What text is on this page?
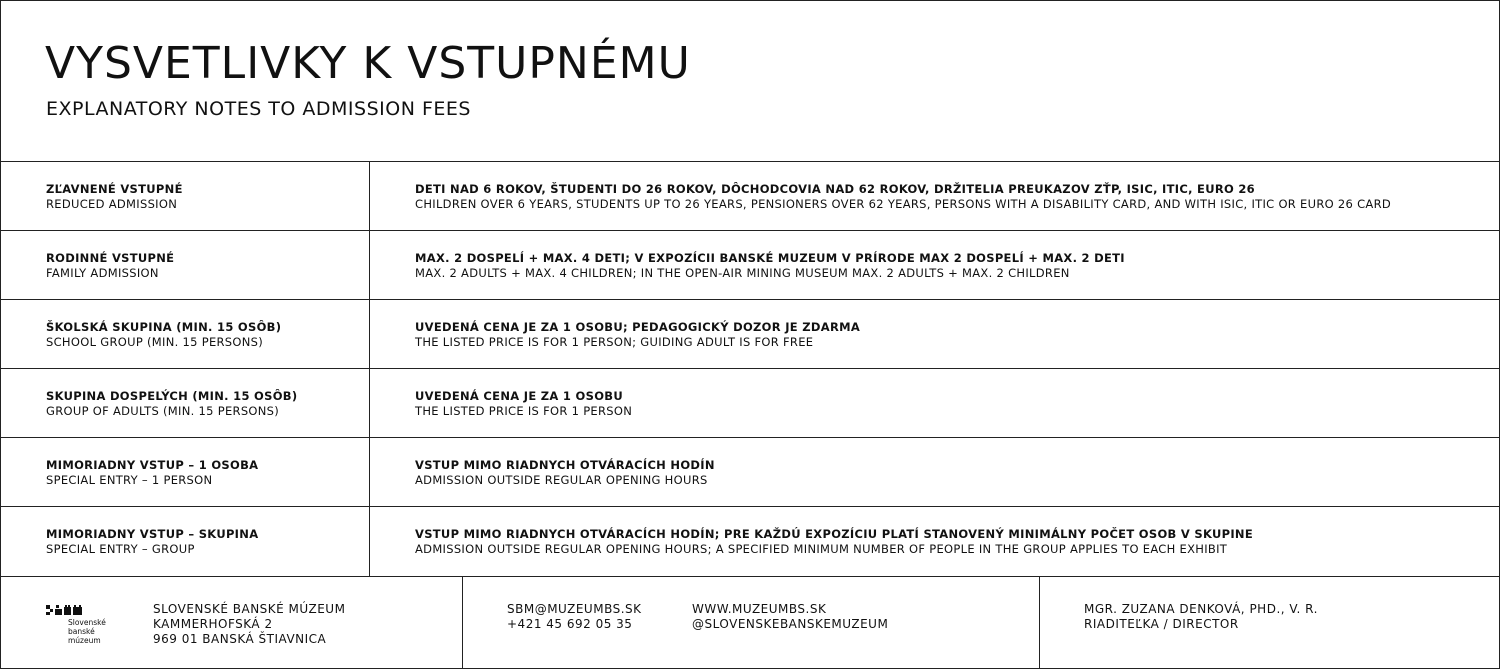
VYSVETLIVKY K VSTUPNÉMU
EXPLANATORY NOTES TO ADMISSION FEES
ZĽAVNENÉ VSTUPNÉ
REDUCED ADMISSION
DETI NAD 6 ROKOV, ŠTUDENTI DO 26 ROKOV, DÔCHODCOVIA NAD 62 ROKOV, DRŽITELIA PREUKAZOV ZŤP, ISIC, ITIC, EURO 26
CHILDREN OVER 6 YEARS, STUDENTS UP TO 26 YEARS, PENSIONERS OVER 62 YEARS, PERSONS WITH A DISABILITY CARD, AND WITH ISIC, ITIC OR EURO 26 CARD
RODINNÉ VSTUPNÉ
FAMILY ADMISSION
MAX. 2 DOSPELÍ + MAX. 4 DETI; V EXPOZÍCII BANSKÉ MUZEUM V PRÍRODE MAX 2 DOSPELÍ + MAX. 2 DETI
MAX. 2 ADULTS + MAX. 4 CHILDREN; IN THE OPEN-AIR MINING MUSEUM MAX. 2 ADULTS + MAX. 2 CHILDREN
ŠKOLSKÁ SKUPINA (MIN. 15 OSÔB)
SCHOOL GROUP (MIN. 15 PERSONS)
UVEDENÁ CENA JE ZA 1 OSOBU; PEDAGOGICKÝ DOZOR JE ZDARMA
THE LISTED PRICE IS FOR 1 PERSON; GUIDING ADULT IS FOR FREE
SKUPINA DOSPELÝCH (MIN. 15 OSÔB)
GROUP OF ADULTS (MIN. 15 PERSONS)
UVEDENÁ CENA JE ZA 1 OSOBU
THE LISTED PRICE IS FOR 1 PERSON
MIMORIADNY VSTUP – 1 OSOBA
SPECIAL ENTRY – 1 PERSON
VSTUP MIMO RIADNYCH OTVÁRACÍCH HODÍN
ADMISSION OUTSIDE REGULAR OPENING HOURS
MIMORIADNY VSTUP – SKUPINA
SPECIAL ENTRY – GROUP
VSTUP MIMO RIADNYCH OTVÁRACÍCH HODÍN; PRE KAŽDÚ EXPOZÍCIU PLATÍ STANOVENÝ MINIMÁLNY POČET OSOB V SKUPINE
ADMISSION OUTSIDE REGULAR OPENING HOURS; A SPECIFIED MINIMUM NUMBER OF PEOPLE IN THE GROUP APPLIES TO EACH EXHIBIT
Slovenské
banské
múzeum
SLOVENSKÉ BANSKÉ MÚZEUM
KAMMERHOFSKÁ 2
969 01 BANSKÁ ŠTIAVNICA
SBM@MUZEUMBS.SK
+421 45 692 05 35
WWW.MUZEUMBS.SK
@SLOVENSKEBANSKEMUZEUM
MGR. ZUZANA DENKOVÁ, PHD., V. R.
RIADITEĽKA / DIRECTOR
